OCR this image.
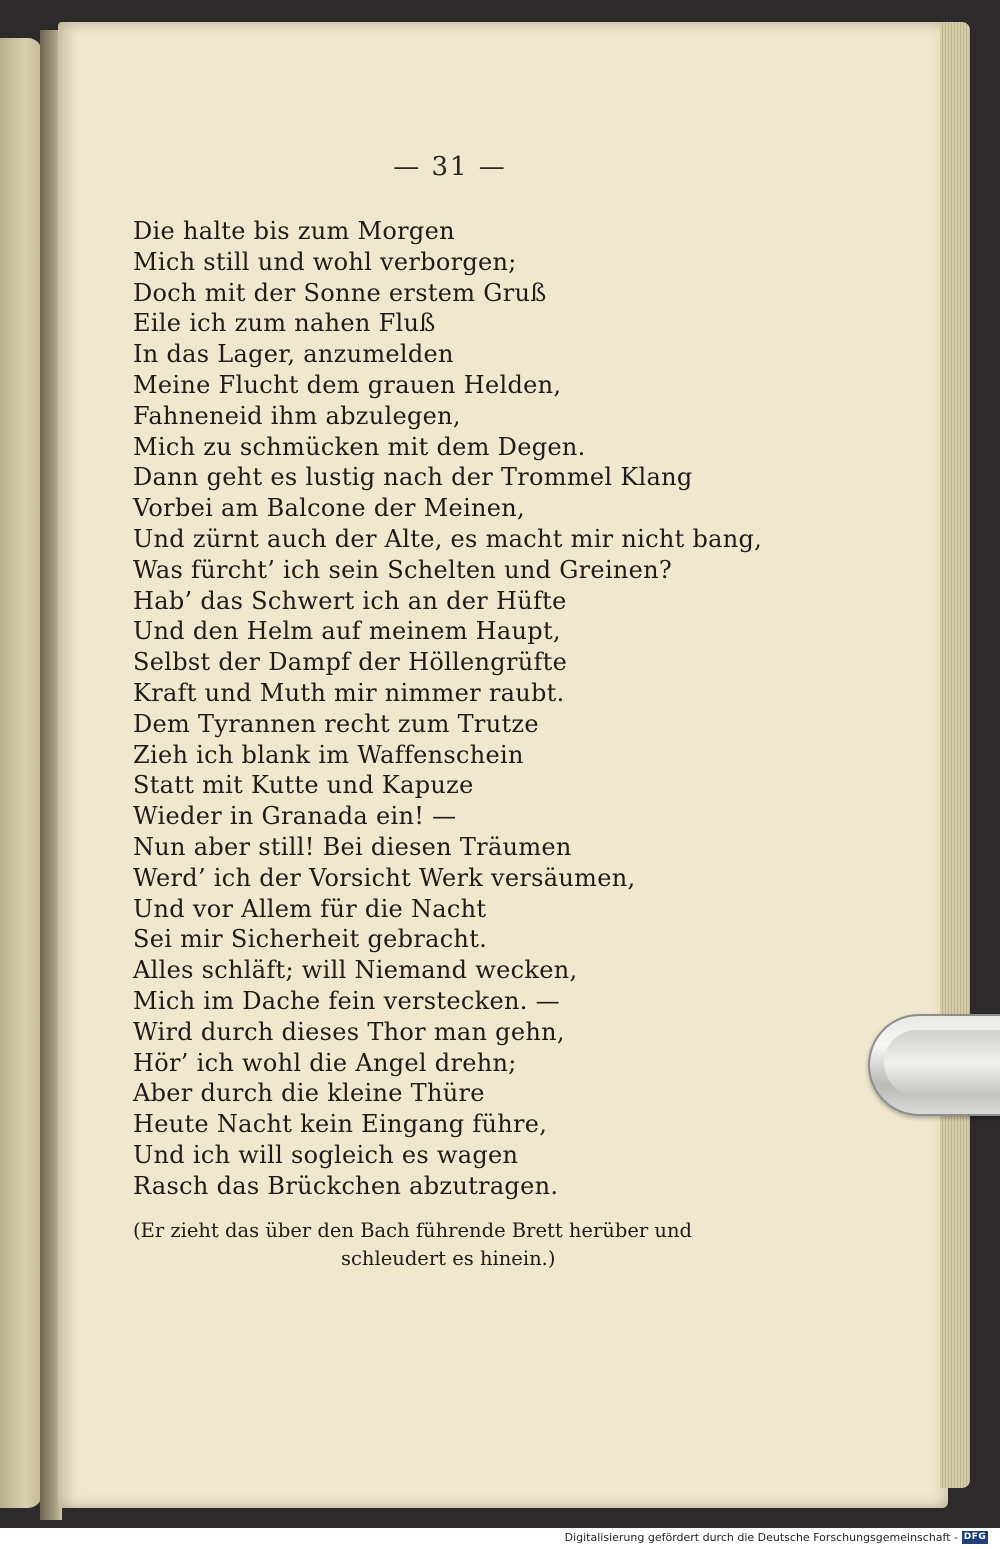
— 31 —
Die halte bis zum Morgen
Mich still und wohl verborgen;
Doch mit der Sonne erstem Gruß
Eile ich zum nahen Fluß
In das Lager, anzumelden
Meine Flucht dem grauen Helden,
Fahneneid ihm abzulegen,
Mich zu schmücken mit dem Degen.
Dann geht es lustig nach der Trommel Klang
Vorbei am Balcone der Meinen,
Und zürnt auch der Alte, es macht mir nicht bang,
Was fürcht’ ich sein Schelten und Greinen?
Hab’ das Schwert ich an der Hüfte
Und den Helm auf meinem Haupt,
Selbst der Dampf der Höllengrüfte
Kraft und Muth mir nimmer raubt.
Dem Tyrannen recht zum Trutze
Zieh ich blank im Waffenschein
Statt mit Kutte und Kapuze
Wieder in Granada ein! —
Nun aber still! Bei diesen Träumen
Werd’ ich der Vorsicht Werk versäumen,
Und vor Allem für die Nacht
Sei mir Sicherheit gebracht.
Alles schläft; will Niemand wecken,
Mich im Dache fein verstecken. —
Wird durch dieses Thor man gehn,
Hör’ ich wohl die Angel drehn;
Aber durch die kleine Thüre
Heute Nacht kein Eingang führe,
Und ich will sogleich es wagen
Rasch das Brückchen abzutragen.
(Er zieht das über den Bach führende Brett herüber und
schleudert es hinein.)
Digitalisierung gefördert durch die Deutsche Forschungsgemeinschaft - DFG
